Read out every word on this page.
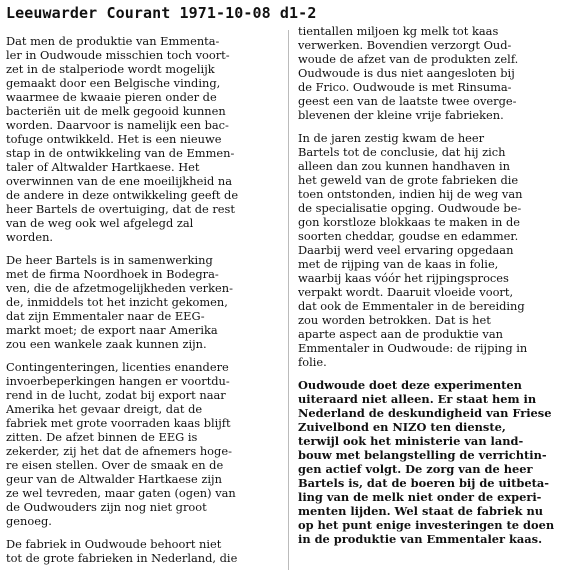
Leeuwarder Courant 1971-10-08 d1-2
Dat men de produktie van Emmenta-
ler in Oudwoude misschien toch voort-
zet in de stalperiode wordt mogelijk
gemaakt door een Belgische vinding,
waarmee de kwaaie pieren onder de
bacteriën uit de melk gegooid kunnen
worden. Daarvoor is namelijk een bac-
tofuge ontwikkeld. Het is een nieuwe
stap in de ontwikkeling van de Emmen-
taler of Altwalder Hartkaese. Het
overwinnen van de ene moeilijkheid na
de andere in deze ontwikkeling geeft de
heer Bartels de overtuiging, dat de rest
van de weg ook wel afgelegd zal
worden.
De heer Bartels is in samenwerking
met de firma Noordhoek in Bodegra-
ven, die de afzetmogelijkheden verken-
de, inmiddels tot het inzicht gekomen,
dat zijn Emmentaler naar de EEG-
markt moet; de export naar Amerika
zou een wankele zaak kunnen zijn.
Contingenteringen, licenties enandere
invoerbeperkingen hangen er voortdu-
rend in de lucht, zodat bij export naar
Amerika het gevaar dreigt, dat de
fabriek met grote voorraden kaas blijft
zitten. De afzet binnen de EEG is
zekerder, zij het dat de afnemers hoge-
re eisen stellen. Over de smaak en de
geur van de Altwalder Hartkaese zijn
ze wel tevreden, maar gaten (ogen) van
de Oudwouders zijn nog niet groot
genoeg.
De fabriek in Oudwoude behoort niet
tot de grote fabrieken in Nederland, die
tientallen miljoen kg melk tot kaas
verwerken. Bovendien verzorgt Oud-
woude de afzet van de produkten zelf.
Oudwoude is dus niet aangesloten bij
de Frico. Oudwoude is met Rinsuma-
geest een van de laatste twee overge-
blevenen der kleine vrije fabrieken.
In de jaren zestig kwam de heer
Bartels tot de conclusie, dat hij zich
alleen dan zou kunnen handhaven in
het geweld van de grote fabrieken die
toen ontstonden, indien hij de weg van
de specialisatie opging. Oudwoude be-
gon korstloze blokkaas te maken in de
soorten cheddar, goudse en edammer.
Daarbij werd veel ervaring opgedaan
met de rijping van de kaas in folie,
waarbij kaas vóór het rijpingsproces
verpakt wordt. Daaruit vloeide voort,
dat ook de Emmentaler in de bereiding
zou worden betrokken. Dat is het
aparte aspect aan de produktie van
Emmentaler in Oudwoude: de rijping in
folie.
Oudwoude doet deze experimenten
uiteraard niet alleen. Er staat hem in
Nederland de deskundigheid van Friese
Zuivelbond en NIZO ten dienste,
terwijl ook het ministerie van land-
bouw met belangstelling de verrichtin-
gen actief volgt. De zorg van de heer
Bartels is, dat de boeren bij de uitbeta-
ling van de melk niet onder de experi-
menten lijden. Wel staat de fabriek nu
op het punt enige investeringen te doen
in de produktie van Emmentaler kaas.
